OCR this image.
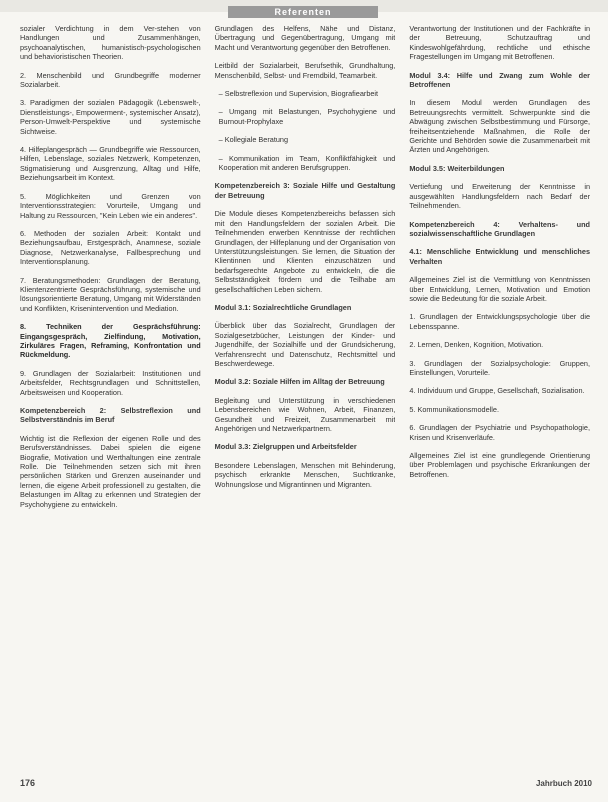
Referenten

sozialer Verdichtung in dem Ver-stehen von Handlungen und Zusammenhängen, psychoanalytischen, humanistisch-psychologischen und behavioristischen Theorien.

2. Menschenbild und Grundbegriffe moderner Sozialarbeit.

3. Paradigmen der sozialen Pädagogik (Lebenswelt-, Dienstleistungs-, Empowerment-, systemischer Ansatz), Person-Umwelt-Perspektive und systemische Sichtweise.

4. Hilfeplangespräch — Grundbegriffe wie Ressourcen, Hilfen, Lebenslage, soziales Netzwerk, Kompetenzen, Stigmatisierung und Ausgrenzung, Alltag und Hilfe, Beziehungsarbeit im Kontext.

5. Möglichkeiten und Grenzen von Interventionsstrategien: Vorurteile, Umgang und Haltung zu Ressourcen, "Kein Leben wie ein anderes".

6. Methoden der sozialen Arbeit: Kontakt und Beziehungsaufbau, Erstgespräch, Anamnese, soziale Diagnose, Netzwerkanalyse, Fallbesprechung und Interventionsplanung.

7. Beratungsmethoden: Grundlagen der Beratung, Klientenzentrierte Gesprächsführung, systemische und lösungsorientierte Beratung, Umgang mit Widerständen und Konflikten, Krisenintervention und Mediation.

8. Techniken der Gesprächsführung: Eingangsgespräch, Zielfindung, Motivation, Zirkuläres Fragen, Reframing, Konfrontation und Rückmeldung.

9. Grundlagen der Sozialarbeit: Institutionen und Arbeitsfelder, Rechtsgrundlagen und Schnittstellen, Arbeitsweisen und Kooperation.

Kompetenzbereich 2: Selbstreflexion und Selbstverständnis im Beruf

Wichtig ist die Reflexion der eigenen Rolle und des Berufsverständnisses. Dabei spielen die eigene Biografie, Motivation und Werthaltungen eine zentrale Rolle. Die Teilnehmenden setzen sich mit ihren persönlichen Stärken und Grenzen auseinander und lernen, die eigene Arbeit professionell zu gestalten, die Belastungen im Alltag zu erkennen und Strategien der Psychohygiene zu entwickeln.

Grundlagen des Helfens, Nähe und Distanz, Übertragung und Gegenübertragung, Umgang mit Macht und Verantwortung gegenüber den Betroffenen.

Leitbild der Sozialarbeit, Berufsethik, Grundhaltung, Menschenbild, Selbst- und Fremdbild, Teamarbeit.

– Selbstreflexion und Supervision, Biografiearbeit

– Umgang mit Belastungen, Psychohygiene und Burnout-Prophylaxe

– Kollegiale Beratung

– Kommunikation im Team, Konfliktfähigkeit und Kooperation mit anderen Berufsgruppen.

Kompetenzbereich 3: Soziale Hilfe und Gestaltung der Betreuung

Die Module dieses Kompetenzbereichs befassen sich mit den Handlungsfeldern der sozialen Arbeit. Die Teilnehmenden erwerben Kenntnisse der rechtlichen Grundlagen, der Hilfeplanung und der Organisation von Unterstützungsleistungen. Sie lernen, die Situation der Klientinnen und Klienten einzuschätzen und bedarfsgerechte Angebote zu entwickeln, die die Selbstständigkeit fördern und die Teilhabe am gesellschaftlichen Leben sichern.

Modul 3.1: Sozialrechtliche Grundlagen

Überblick über das Sozialrecht, Grundlagen der Sozialgesetzbücher, Leistungen der Kinder- und Jugendhilfe, der Sozialhilfe und der Grundsicherung, Verfahrensrecht und Datenschutz, Rechtsmittel und Beschwerdewege.

Modul 3.2: Soziale Hilfen im Alltag der Betreuung

Begleitung und Unterstützung in verschiedenen Lebensbereichen wie Wohnen, Arbeit, Finanzen, Gesundheit und Freizeit, Zusammenarbeit mit Angehörigen und Netzwerkpartnern.

Modul 3.3: Zielgruppen und Arbeitsfelder

Besondere Lebenslagen, Menschen mit Behinderung, psychisch erkrankte Menschen, Suchtkranke, Wohnungslose und Migrantinnen und Migranten.

Verantwortung der Institutionen und der Fachkräfte in der Betreuung, Schutzauftrag und Kindeswohlgefährdung, rechtliche und ethische Fragestellungen im Umgang mit Betroffenen.

Modul 3.4: Hilfe und Zwang zum Wohle der Betroffenen

In diesem Modul werden Grundlagen des Betreuungsrechts vermittelt. Schwerpunkte sind die Abwägung zwischen Selbstbestimmung und Fürsorge, freiheitsentziehende Maßnahmen, die Rolle der Gerichte und Behörden sowie die Zusammenarbeit mit Ärzten und Angehörigen.

Modul 3.5: Weiterbildungen

Vertiefung und Erweiterung der Kenntnisse in ausgewählten Handlungsfeldern nach Bedarf der Teilnehmenden.

Kompetenzbereich 4: Verhaltens- und sozialwissenschaftliche Grundlagen

4.1: Menschliche Entwicklung und menschliches Verhalten

Allgemeines Ziel ist die Vermittlung von Kenntnissen über Entwicklung, Lernen, Motivation und Emotion sowie die Bedeutung für die soziale Arbeit.

1. Grundlagen der Entwicklungspsychologie über die Lebensspanne.

2. Lernen, Denken, Kognition, Motivation.

3. Grundlagen der Sozialpsychologie: Gruppen, Einstellungen, Vorurteile.

4. Individuum und Gruppe, Gesellschaft, Sozialisation.

5. Kommunikationsmodelle.

6. Grundlagen der Psychiatrie und Psychopathologie, Krisen und Krisenverläufe.

Allgemeines Ziel ist eine grundlegende Orientierung über Problemlagen und psychische Erkrankungen der Betroffenen.

176	Jahrbuch 2010
